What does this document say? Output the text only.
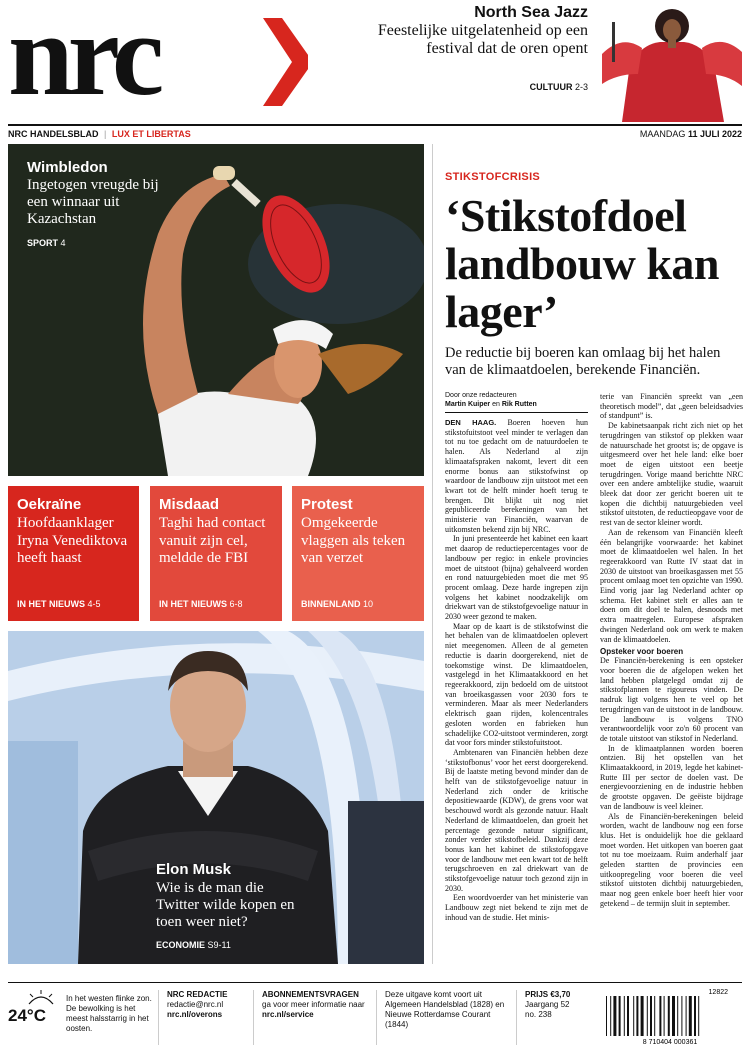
nrc	North Sea Jazz
Feestelijke uitgelatenheid op een festival dat de oren opent
CULTUUR 2-3
NRC HANDELSBLAD | LUX ET LIBERTAS	MAANDAG 11 JULI 2022
Wimbledon
Ingetogen vreugde bij een winnaar uit Kazachstan
SPORT 4
Oekraïne
Hoofdaanklager Iryna Venediktova heeft haast
IN HET NIEUWS 4-5
Misdaad
Taghi had contact vanuit zijn cel, meldde de FBI
IN HET NIEUWS 6-8
Protest
Omgekeerde vlaggen als teken van verzet
BINNENLAND 10
Elon Musk
Wie is de man die Twitter wilde kopen en toen weer niet?
ECONOMIE S9-11
STIKSTOFCRISIS
‘Stikstofdoel landbouw kan lager’
De reductie bij boeren kan omlaag bij het halen van de klimaatdoelen, berekende Financiën.
Door onze redacteuren
Martin Kuiper en Rik Rutten

DEN HAAG. Boeren hoeven hun stikstofuitstoot veel minder te verlagen dan tot nu toe gedacht om de natuurdoelen te halen. Als Nederland al zijn klimaatafspraken nakomt, levert dit een enorme bonus aan stikstofwinst op waardoor de landbouw zijn uitstoot met een kwart tot de helft minder hoeft terug te brengen. Dit blijkt uit nog niet gepubliceerde berekeningen van het ministerie van Financiën, waarvan de uitkomsten bekend zijn bij NRC.

In juni presenteerde het kabinet een kaart met daarop de reductiepercentages voor de landbouw per regio: in enkele provincies moet de uitstoot (bijna) gehalveerd worden en rond natuurgebieden moet die met 95 procent omlaag. Deze harde ingrepen zijn volgens het kabinet noodzakelijk om driekwart van de stikstofgevoelige natuur in 2030 weer gezond te maken.

Maar op de kaart is de stikstofwinst die het behalen van de klimaatdoelen oplevert niet meegenomen. Alleen de al gemeten reductie is daarin doorgerekend, niet de toekomstige winst. De klimaatdoelen, vastgelegd in het Klimaatakkoord en het regeerakkoord, zijn bedoeld om de uitstoot van broeikasgassen voor 2030 fors te verminderen. Maar als meer Nederlanders elektrisch gaan rijden, kolencentrales gesloten worden en fabrieken hun schadelijke CO2-uitstoot verminderen, zorgt dat voor fors minder stikstofuitstoot.

Ambtenaren van Financiën hebben deze ‘stikstofbonus’ voor het eerst doorgerekend. Bij de laatste meting bevond minder dan de helft van de stikstofgevoelige natuur in Nederland zich onder de kritische depositiewaarde (KDW), de grens voor wat beschouwd wordt als gezonde natuur. Haalt Nederland de klimaatdoelen, dan groeit het percentage gezonde natuur significant, zonder verder stikstofbeleid. Dankzij deze bonus kan het kabinet de stikstofopgave voor de landbouw met een kwart tot de helft terugschroeven en zal driekwart van de stikstofgevoelige natuur toch gezond zijn in 2030.

Een woordvoerder van het ministerie van Landbouw zegt niet bekend te zijn met de inhoud van de studie. Het minis-

terie van Financiën spreekt van „een theoretisch model”, dat „geen beleidsadvies of standpunt” is.

De kabinetsaanpak richt zich niet op het terugdringen van stikstof op plekken waar de natuurschade het grootst is; de opgave is uitgesmeerd over het hele land: elke boer moet de eigen uitstoot een beetje terugdringen. Vorige maand berichtte NRC over een andere ambtelijke studie, waaruit bleek dat door zer gericht boeren uit te kopen die dichtbij natuurgebieden veel stikstof uitstoten, de reductieopgave voor de rest van de sector kleiner wordt.

Aan de rekensom van Financiën kleeft één belangrijke voorwaarde: het kabinet moet de klimaatdoelen wel halen. In het regeerakkoord van Rutte IV staat dat in 2030 de uitstoot van broeikasgassen met 55 procent omlaag moet ten opzichte van 1990. Eind vorig jaar lag Nederland achter op schema. Het kabinet stelt er alles aan te doen om dit doel te halen, desnoods met extra maatregelen. Europese afspraken dwingen Nederland ook om werk te maken van de klimaatdoelen.

Opsteker voor boeren

De Financiën-berekening is een opsteker voor boeren die de afgelopen weken het land hebben platgelegd omdat zij de stikstofplannen te rigoureus vinden. De nadruk ligt volgens hen te veel op het terugdringen van de uitstoot in de landbouw. De landbouw is volgens TNO verantwoordelijk voor zo'n 60 procent van de totale uitstoot van stikstof in Nederland.

In de klimaatplannen worden boeren ontzien. Bij het opstellen van het Klimaatakkoord, in 2019, legde het kabinet-Rutte III per sector de doelen vast. De energievoorziening en de industrie hebben de grootste opgaven. De geëiste bijdrage van de landbouw is veel kleiner.

Als de Financiën-berekeningen beleid worden, wacht de landbouw nog een forse klus. Het is onduidelijk hoe die geklaard moet worden. Het uitkopen van boeren gaat tot nu toe moeizaam. Ruim anderhalf jaar geleden startten de provincies een uitkoopregeling voor boeren die veel stikstof uitstoten dichtbij natuurgebieden, maar nog geen enkele boer heeft hier voor getekend – de termijn sluit in september.

24°C
In het westen flinke zon. De bewolking is het meest halsstarrig in het oosten.
NRC REDACTIE
redactie@nrc.nl
nrc.nl/overons
ABONNEMENTSVRAGEN
ga voor meer informatie naar
nrc.nl/service
Deze uitgave komt voort uit Algemeen Handelsblad (1828) en Nieuwe Rotterdamse Courant (1844)
PRIJS €3,70
Jaargang 52
no. 238
12822
8 710404 000361
